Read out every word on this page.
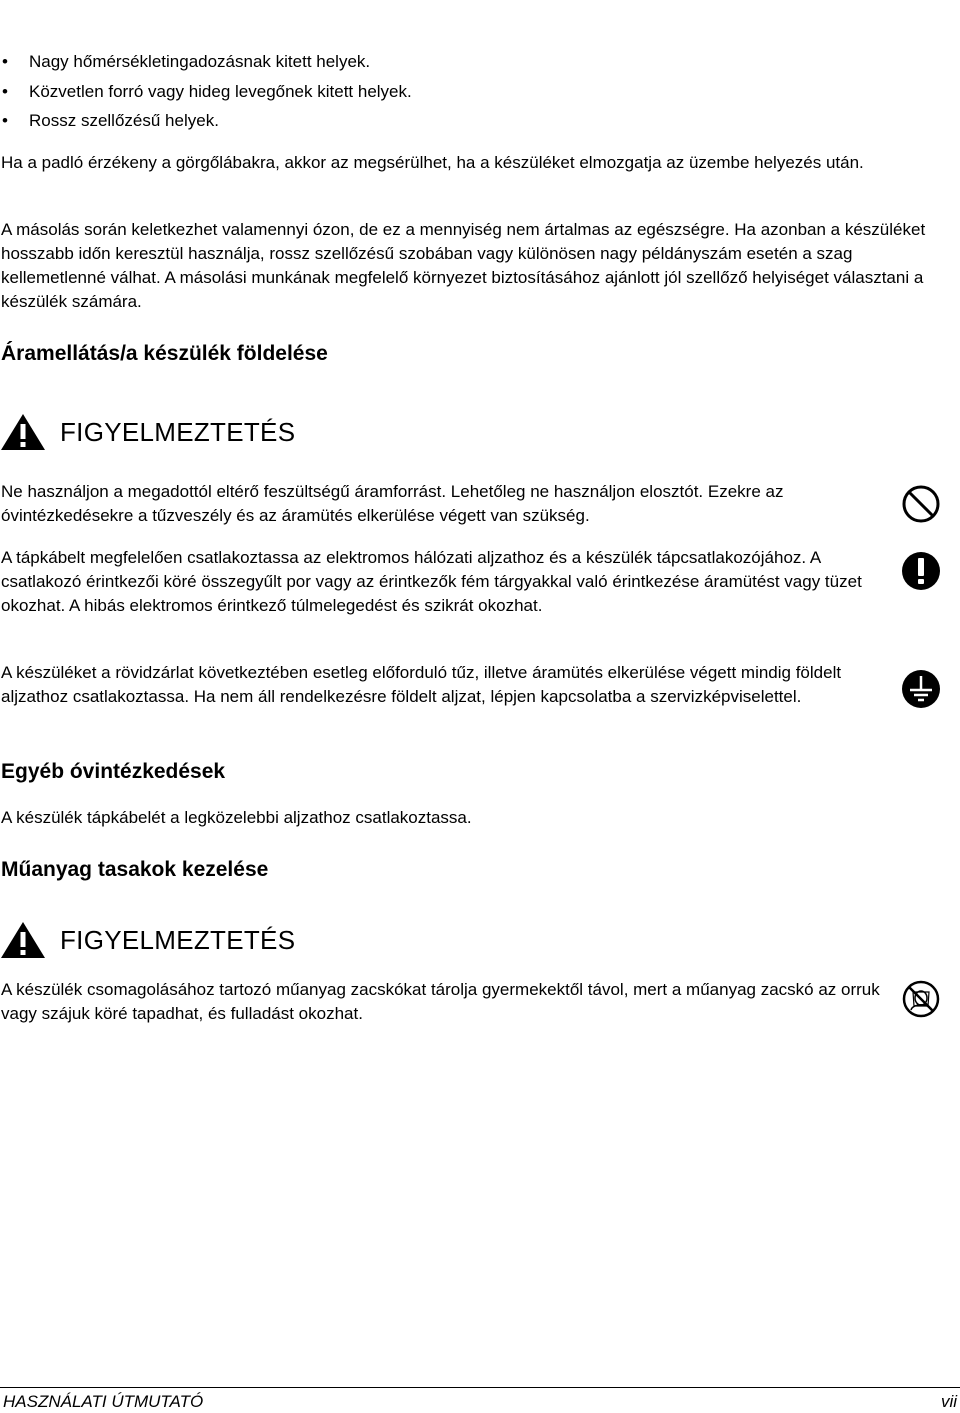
• Nagy hőmérsékletingadozásnak kitett helyek.
• Közvetlen forró vagy hideg levegőnek kitett helyek.
• Rossz szellőzésű helyek.

Ha a padló érzékeny a görgőlábakra, akkor az megsérülhet, ha a készüléket elmozgatja az üzembe helyezés után.

A másolás során keletkezhet valamennyi ózon, de ez a mennyiség nem ártalmas az egészségre. Ha azonban a készüléket hosszabb időn keresztül használja, rossz szellőzésű szobában vagy különösen nagy példányszám esetén a szag kellemetlenné válhat. A másolási munkának megfelelő környezet biztosításához ajánlott jól szellőző helyiséget választani a készülék számára.

Áramellátás/a készülék földelése
FIGYELMEZTETÉS

Ne használjon a megadottól eltérő feszültségű áramforrást. Lehetőleg ne használjon elosztót. Ezekre az óvintézkedésekre a tűzveszély és az áramütés elkerülése végett van szükség.

A tápkábelt megfelelően csatlakoztassa az elektromos hálózati aljzathoz és a készülék tápcsatlakozójához. A csatlakozó érintkezői köré összegyűlt por vagy az érintkezők fém tárgyakkal való érintkezése áramütést vagy tüzet okozhat. A hibás elektromos érintkező túlmelegedést és szikrát okozhat.

A készüléket a rövidzárlat következtében esetleg előforduló tűz, illetve áramütés elkerülése végett mindig földelt aljzathoz csatlakoztassa. Ha nem áll rendelkezésre földelt aljzat, lépjen kapcsolatba a szervizképviselettel.

Egyéb óvintézkedések

A készülék tápkábelét a legközelebbi aljzathoz csatlakoztassa.

Műanyag tasakok kezelése
FIGYELMEZTETÉS

A készülék csomagolásához tartozó műanyag zacskókat tárolja gyermekektől távol, mert a műanyag zacskó az orruk vagy szájuk köré tapadhat, és fulladást okozhat.

HASZNÁLATI ÚTMUTATÓ	vii
